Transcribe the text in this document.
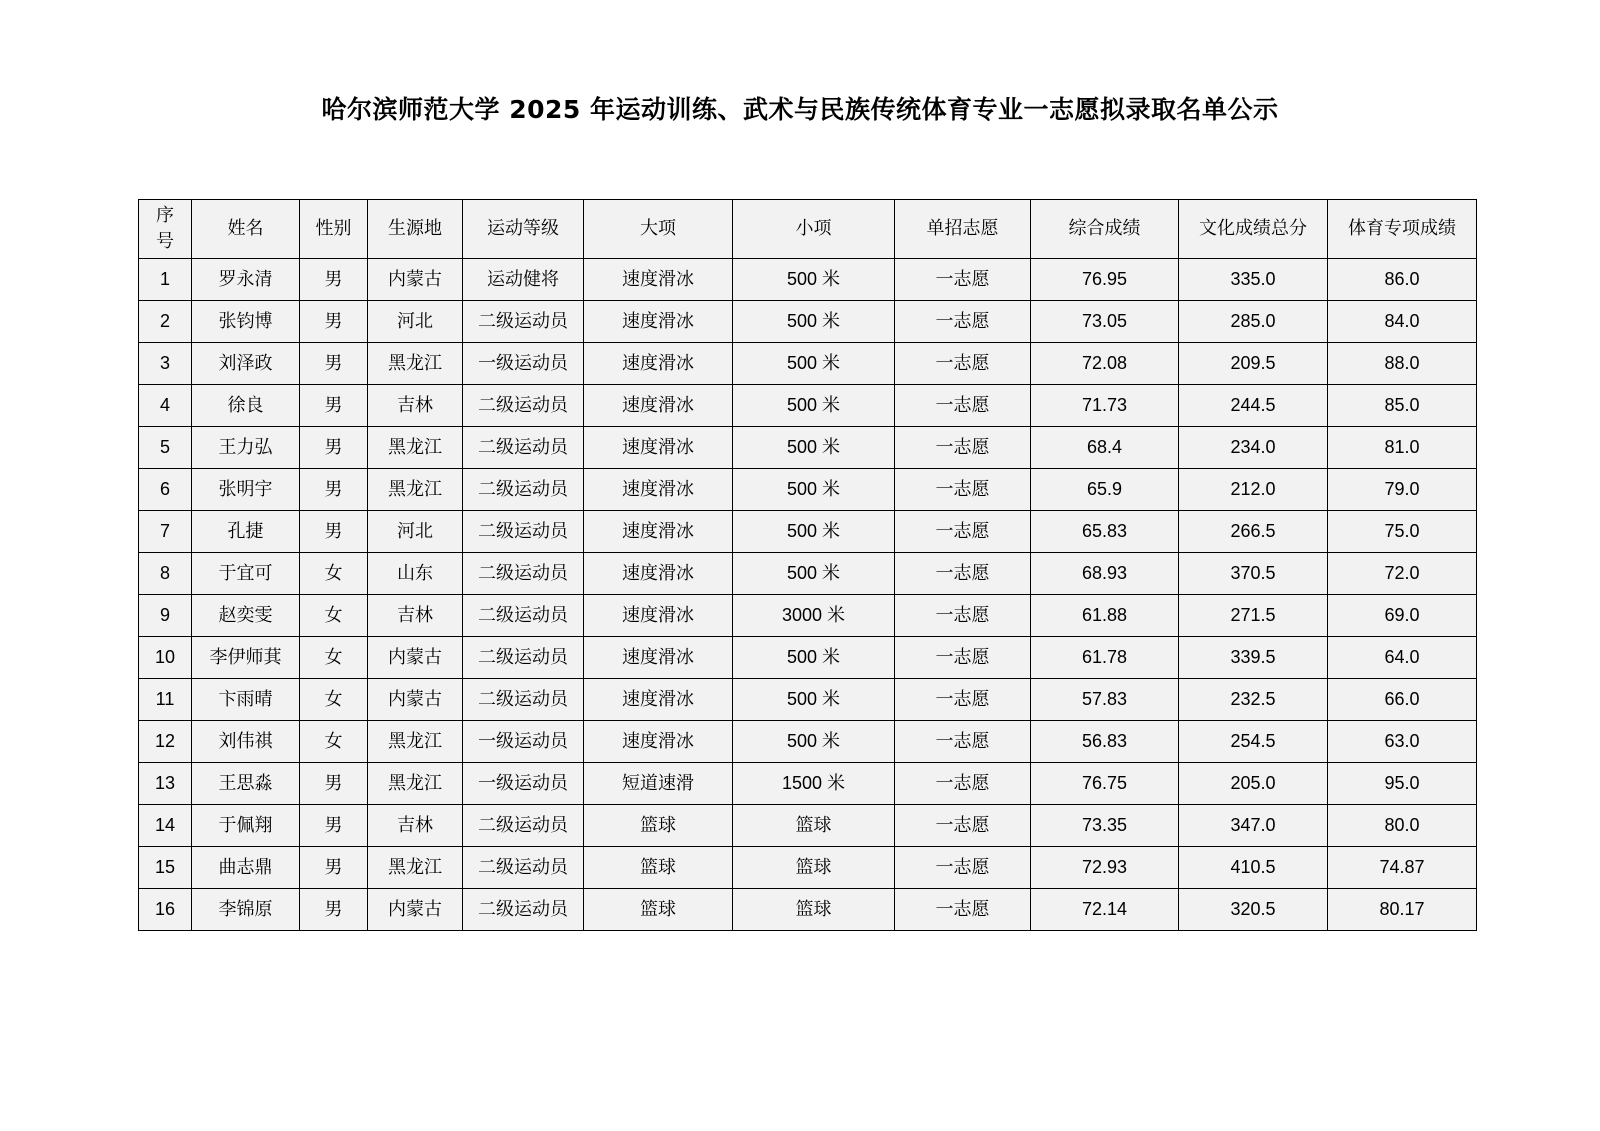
哈尔滨师范大学 2025 年运动训练、武术与民族传统体育专业一志愿拟录取名单公示
序号	姓名	性别	生源地	运动等级	大项	小项	单招志愿	综合成绩	文化成绩总分	体育专项成绩
1	罗永清	男	内蒙古	运动健将	速度滑冰	500 米	一志愿	76.95	335.0	86.0
2	张钧博	男	河北	二级运动员	速度滑冰	500 米	一志愿	73.05	285.0	84.0
3	刘泽政	男	黑龙江	一级运动员	速度滑冰	500 米	一志愿	72.08	209.5	88.0
4	徐良	男	吉林	二级运动员	速度滑冰	500 米	一志愿	71.73	244.5	85.0
5	王力弘	男	黑龙江	二级运动员	速度滑冰	500 米	一志愿	68.4	234.0	81.0
6	张明宇	男	黑龙江	二级运动员	速度滑冰	500 米	一志愿	65.9	212.0	79.0
7	孔捷	男	河北	二级运动员	速度滑冰	500 米	一志愿	65.83	266.5	75.0
8	于宜可	女	山东	二级运动员	速度滑冰	500 米	一志愿	68.93	370.5	72.0
9	赵奕雯	女	吉林	二级运动员	速度滑冰	3000 米	一志愿	61.88	271.5	69.0
10	李伊师萁	女	内蒙古	二级运动员	速度滑冰	500 米	一志愿	61.78	339.5	64.0
11	卞雨晴	女	内蒙古	二级运动员	速度滑冰	500 米	一志愿	57.83	232.5	66.0
12	刘伟祺	女	黑龙江	一级运动员	速度滑冰	500 米	一志愿	56.83	254.5	63.0
13	王思淼	男	黑龙江	一级运动员	短道速滑	1500 米	一志愿	76.75	205.0	95.0
14	于佩翔	男	吉林	二级运动员	篮球	篮球	一志愿	73.35	347.0	80.0
15	曲志鼎	男	黑龙江	二级运动员	篮球	篮球	一志愿	72.93	410.5	74.87
16	李锦原	男	内蒙古	二级运动员	篮球	篮球	一志愿	72.14	320.5	80.17
